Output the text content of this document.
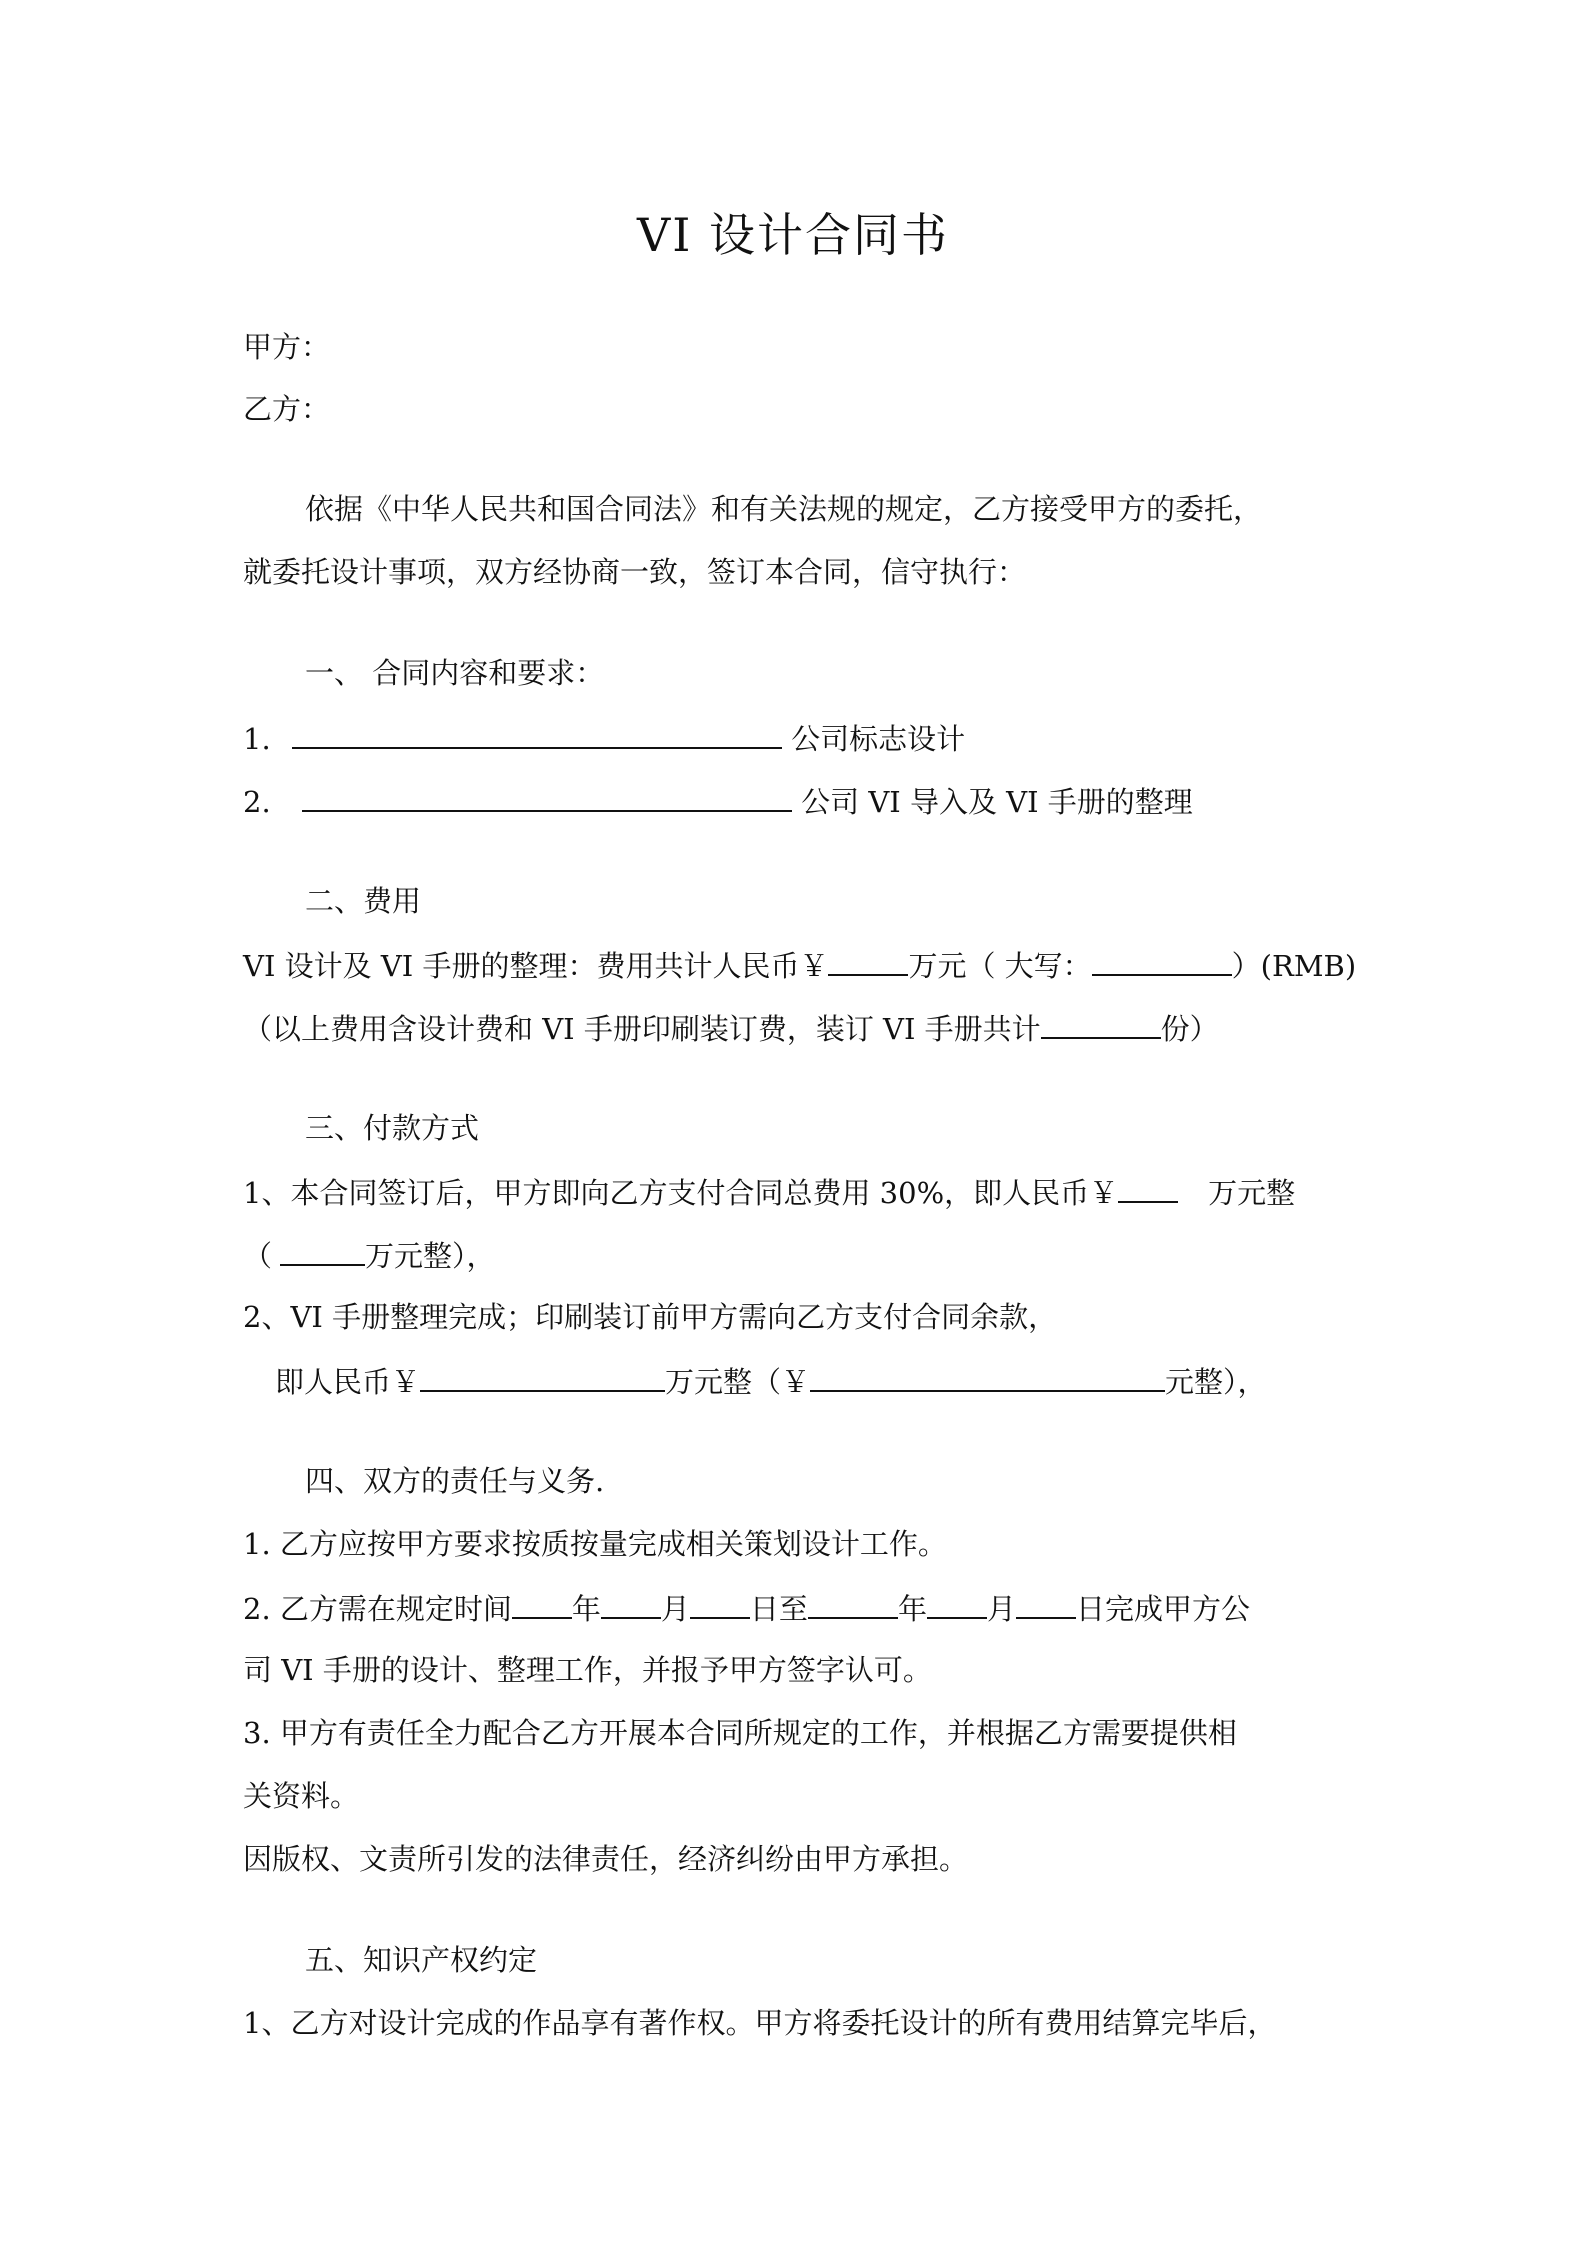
VI 设计合同书
甲方：
乙方：
依据《中华人民共和国合同法》和有关法规的规定，乙方接受甲方的委托，
就委托设计事项，双方经协商一致，签订本合同，信守执行：
一、 合同内容和要求：
1.	公司标志设计
2.	公司 VI 导入及 VI 手册的整理
二、费用
VI 设计及 VI 手册的整理：费用共计人民币￥	万元（ 大写：	）(RMB)
（以上费用含设计费和 VI 手册印刷装订费，装订 VI 手册共计	份）
三、付款方式
1、本合同签订后，甲方即向乙方支付合同总费用 30%，即人民币￥	万元整
（	万元整），
2、VI 手册整理完成；印刷装订前甲方需向乙方支付合同余款，
即人民币￥	万元整（￥	元整），
四、双方的责任与义务.
1. 乙方应按甲方要求按质按量完成相关策划设计工作。
2. 乙方需在规定时间 年 月 日至	年 月 日完成甲方公
司 VI 手册的设计、整理工作，并报予甲方签字认可。
3. 甲方有责任全力配合乙方开展本合同所规定的工作，并根据乙方需要提供相
关资料。
因版权、文责所引发的法律责任，经济纠纷由甲方承担。
五、知识产权约定
1、乙方对设计完成的作品享有著作权。甲方将委托设计的所有费用结算完毕后，
